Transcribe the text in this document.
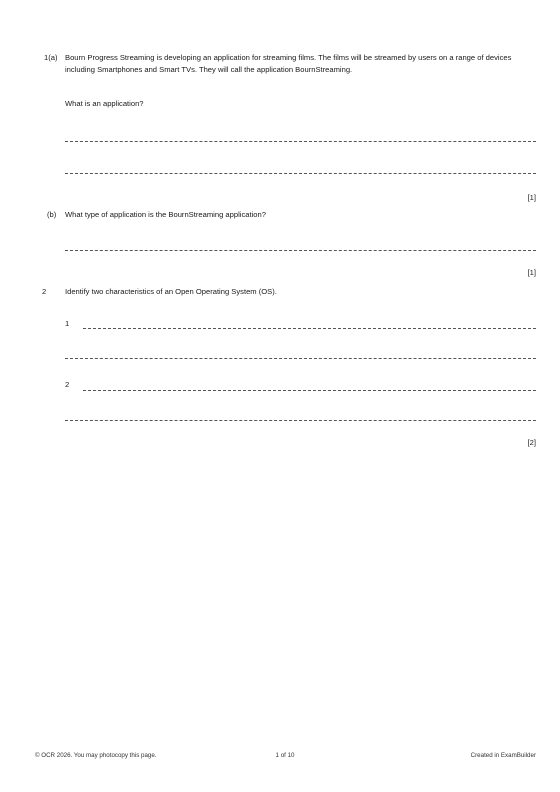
1(a) Bourn Progress Streaming is developing an application for streaming films. The films will be streamed by users on a range of devices including Smartphones and Smart TVs. They will call the application BournStreaming.
What is an application?
[1]
(b) What type of application is the BournStreaming application?
[1]
2 Identify two characteristics of an Open Operating System (OS).
1
2
[2]
© OCR 2026. You may photocopy this page.	1 of 10	Created in ExamBuilder
